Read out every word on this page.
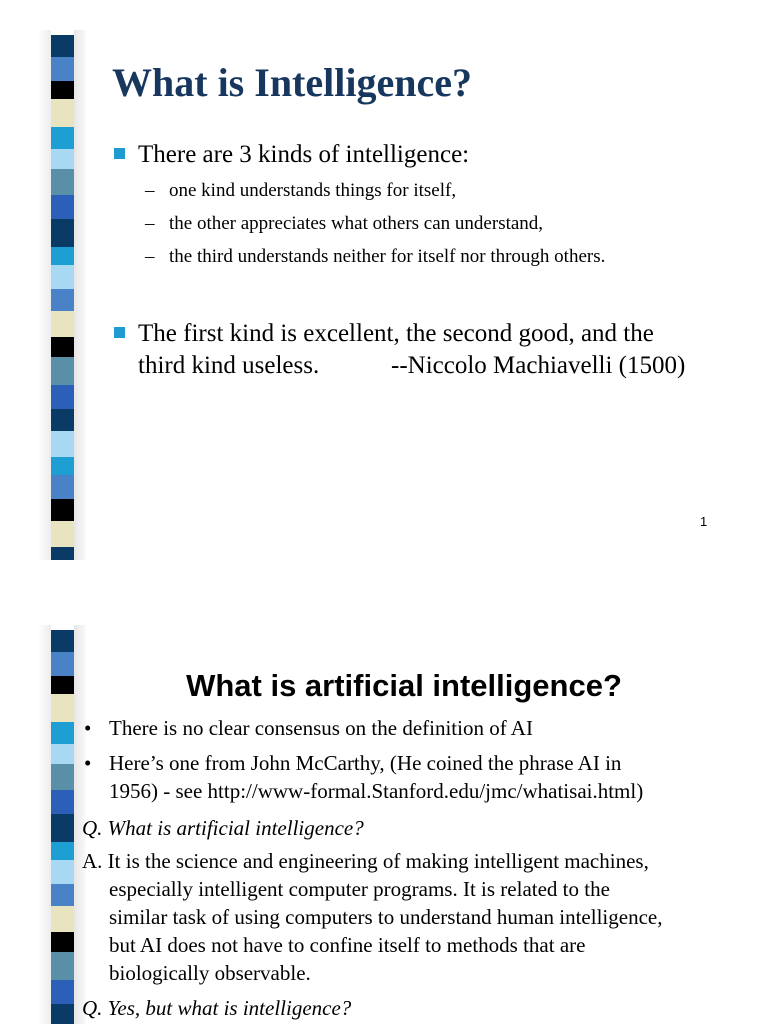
What is Intelligence?
There are 3 kinds of intelligence:
– one kind understands things for itself,
– the other appreciates what others can understand,
– the third understands neither for itself nor through others.
The first kind is excellent, the second good, and the
third kind useless.	--Niccolo Machiavelli (1500)
1
What is artificial intelligence?
• There is no clear consensus on the definition of AI
• Here’s one from John McCarthy, (He coined the phrase AI in
1956) - see http://www-formal.Stanford.edu/jmc/whatisai.html)
Q. What is artificial intelligence?
A. It is the science and engineering of making intelligent machines,
especially intelligent computer programs. It is related to the
similar task of using computers to understand human intelligence,
but AI does not have to confine itself to methods that are
biologically observable.
Q. Yes, but what is intelligence?
